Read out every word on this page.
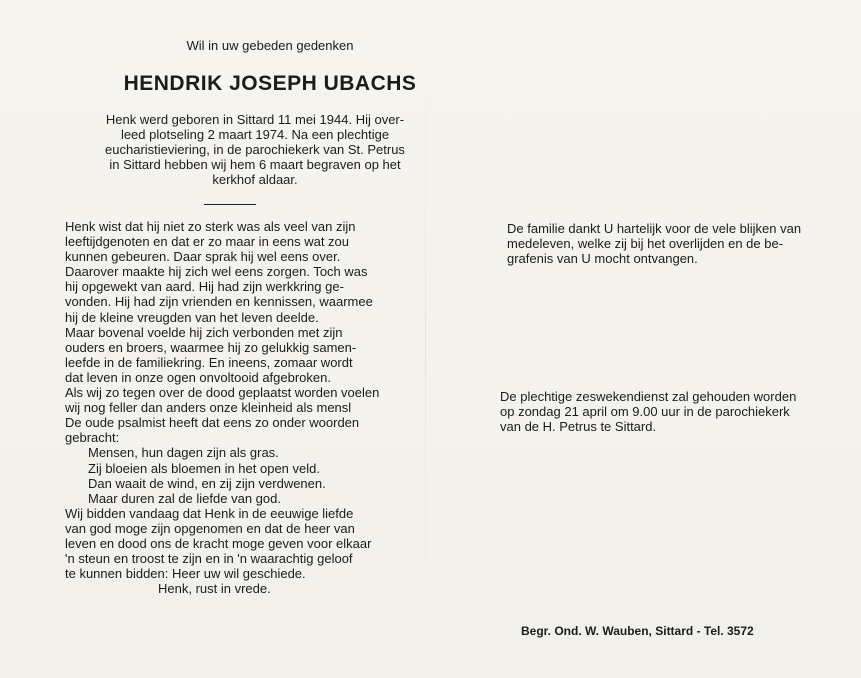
Wil in uw gebeden gedenken

HENDRIK JOSEPH UBACHS
Henk werd geboren in Sittard 11 mei 1944. Hij over-
leed plotseling 2 maart 1974. Na een plechtige
eucharistieviering, in de parochiekerk van St. Petrus
in Sittard hebben wij hem 6 maart begraven op het
kerkhof aldaar.
Henk wist dat hij niet zo sterk was als veel van zijn
leeftijdgenoten en dat er zo maar in eens wat zou
kunnen gebeuren. Daar sprak hij wel eens over.
Daarover maakte hij zich wel eens zorgen. Toch was
hij opgewekt van aard. Hij had zijn werkkring ge-
vonden. Hij had zijn vrienden en kennissen, waarmee
hij de kleine vreugden van het leven deelde.
Maar bovenal voelde hij zich verbonden met zijn
ouders en broers, waarmee hij zo gelukkig samen-
leefde in de familiekring. En ineens, zomaar wordt
dat leven in onze ogen onvoltooid afgebroken.
Als wij zo tegen over de dood geplaatst worden voelen
wij nog feller dan anders onze kleinheid als mensl
De oude psalmist heeft dat eens zo onder woorden
gebracht:
Mensen, hun dagen zijn als gras.
Zij bloeien als bloemen in het open veld.
Dan waait de wind, en zij zijn verdwenen.
Maar duren zal de liefde van god.
Wij bidden vandaag dat Henk in de eeuwige liefde
van god moge zijn opgenomen en dat de heer van
leven en dood ons de kracht moge geven voor elkaar
'n steun en troost te zijn en in 'n waarachtig geloof
te kunnen bidden: Heer uw wil geschiede.
Henk, rust in vrede.
De familie dankt U hartelijk voor de vele blijken van
medeleven, welke zij bij het overlijden en de be-
grafenis van U mocht ontvangen.
De plechtige zeswekendienst zal gehouden worden
op zondag 21 april om 9.00 uur in de parochiekerk
van de H. Petrus te Sittard.

Begr. Ond. W. Wauben, Sittard - Tel. 3572
